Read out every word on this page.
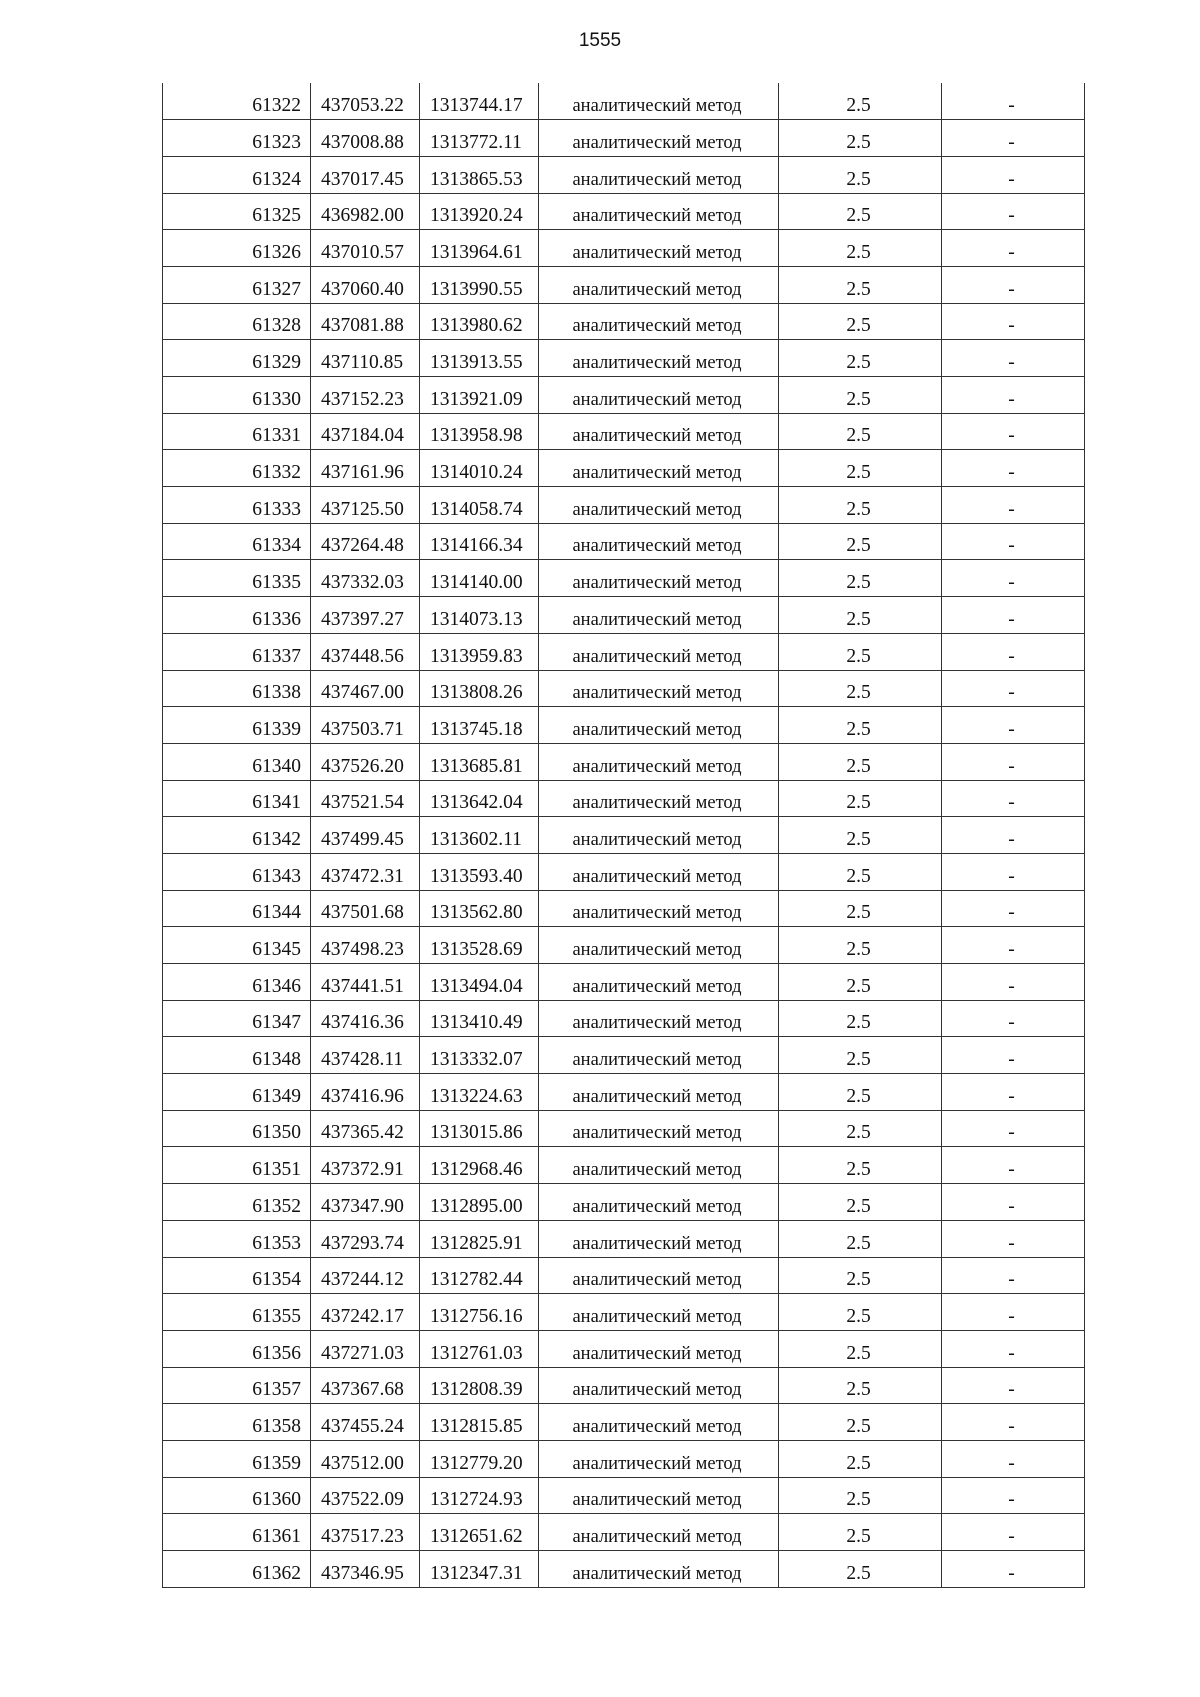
1555
61322	437053.22	1313744.17	аналитический метод	2.5	-
61323	437008.88	1313772.11	аналитический метод	2.5	-
61324	437017.45	1313865.53	аналитический метод	2.5	-
61325	436982.00	1313920.24	аналитический метод	2.5	-
61326	437010.57	1313964.61	аналитический метод	2.5	-
61327	437060.40	1313990.55	аналитический метод	2.5	-
61328	437081.88	1313980.62	аналитический метод	2.5	-
61329	437110.85	1313913.55	аналитический метод	2.5	-
61330	437152.23	1313921.09	аналитический метод	2.5	-
61331	437184.04	1313958.98	аналитический метод	2.5	-
61332	437161.96	1314010.24	аналитический метод	2.5	-
61333	437125.50	1314058.74	аналитический метод	2.5	-
61334	437264.48	1314166.34	аналитический метод	2.5	-
61335	437332.03	1314140.00	аналитический метод	2.5	-
61336	437397.27	1314073.13	аналитический метод	2.5	-
61337	437448.56	1313959.83	аналитический метод	2.5	-
61338	437467.00	1313808.26	аналитический метод	2.5	-
61339	437503.71	1313745.18	аналитический метод	2.5	-
61340	437526.20	1313685.81	аналитический метод	2.5	-
61341	437521.54	1313642.04	аналитический метод	2.5	-
61342	437499.45	1313602.11	аналитический метод	2.5	-
61343	437472.31	1313593.40	аналитический метод	2.5	-
61344	437501.68	1313562.80	аналитический метод	2.5	-
61345	437498.23	1313528.69	аналитический метод	2.5	-
61346	437441.51	1313494.04	аналитический метод	2.5	-
61347	437416.36	1313410.49	аналитический метод	2.5	-
61348	437428.11	1313332.07	аналитический метод	2.5	-
61349	437416.96	1313224.63	аналитический метод	2.5	-
61350	437365.42	1313015.86	аналитический метод	2.5	-
61351	437372.91	1312968.46	аналитический метод	2.5	-
61352	437347.90	1312895.00	аналитический метод	2.5	-
61353	437293.74	1312825.91	аналитический метод	2.5	-
61354	437244.12	1312782.44	аналитический метод	2.5	-
61355	437242.17	1312756.16	аналитический метод	2.5	-
61356	437271.03	1312761.03	аналитический метод	2.5	-
61357	437367.68	1312808.39	аналитический метод	2.5	-
61358	437455.24	1312815.85	аналитический метод	2.5	-
61359	437512.00	1312779.20	аналитический метод	2.5	-
61360	437522.09	1312724.93	аналитический метод	2.5	-
61361	437517.23	1312651.62	аналитический метод	2.5	-
61362	437346.95	1312347.31	аналитический метод	2.5	-
